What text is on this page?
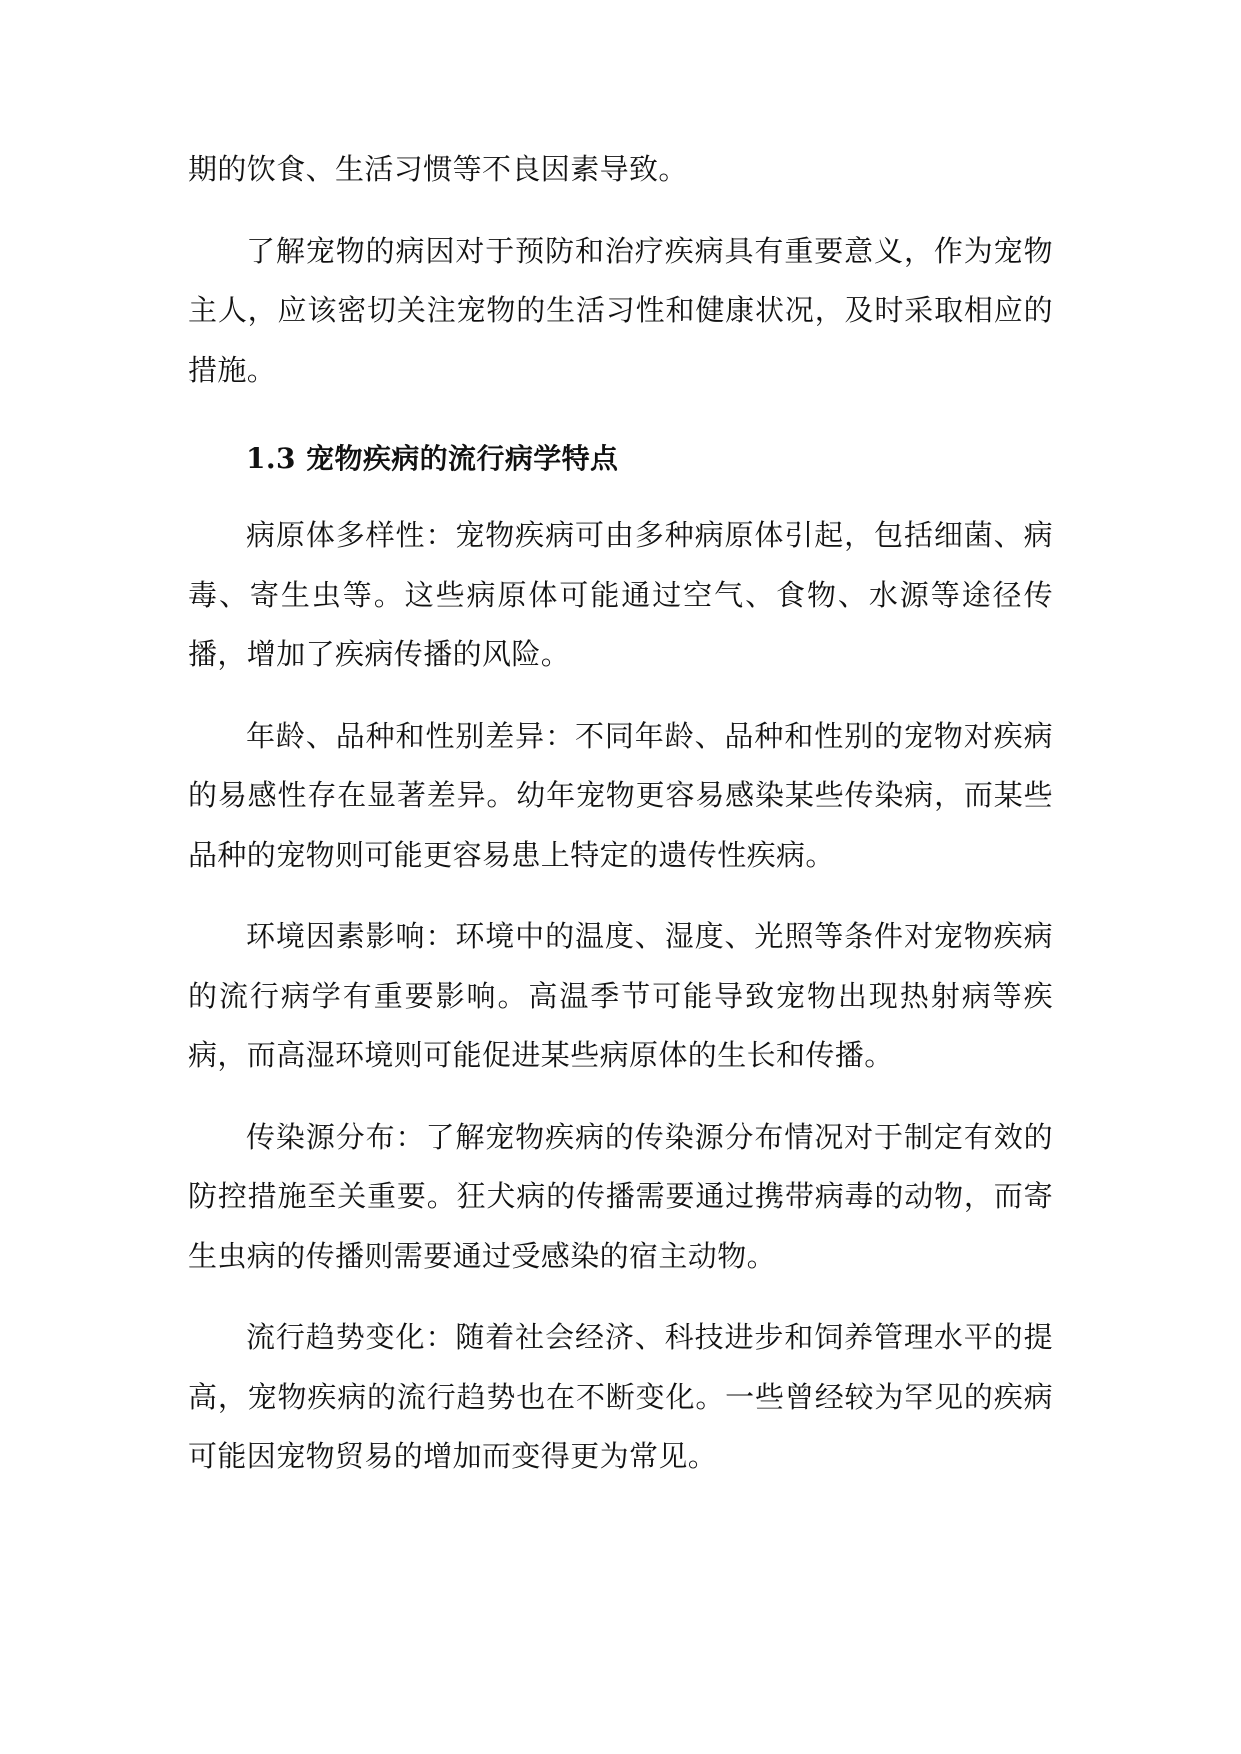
期的饮食、生活习惯等不良因素导致。

了解宠物的病因对于预防和治疗疾病具有重要意义，作为宠物主人，应该密切关注宠物的生活习性和健康状况，及时采取相应的措施。

1.3 宠物疾病的流行病学特点

病原体多样性：宠物疾病可由多种病原体引起，包括细菌、病毒、寄生虫等。这些病原体可能通过空气、食物、水源等途径传播，增加了疾病传播的风险。

年龄、品种和性别差异：不同年龄、品种和性别的宠物对疾病的易感性存在显著差异。幼年宠物更容易感染某些传染病，而某些品种的宠物则可能更容易患上特定的遗传性疾病。

环境因素影响：环境中的温度、湿度、光照等条件对宠物疾病的流行病学有重要影响。高温季节可能导致宠物出现热射病等疾病，而高湿环境则可能促进某些病原体的生长和传播。

传染源分布：了解宠物疾病的传染源分布情况对于制定有效的防控措施至关重要。狂犬病的传播需要通过携带病毒的动物，而寄生虫病的传播则需要通过受感染的宿主动物。

流行趋势变化：随着社会经济、科技进步和饲养管理水平的提高，宠物疾病的流行趋势也在不断变化。一些曾经较为罕见的疾病可能因宠物贸易的增加而变得更为常见。
